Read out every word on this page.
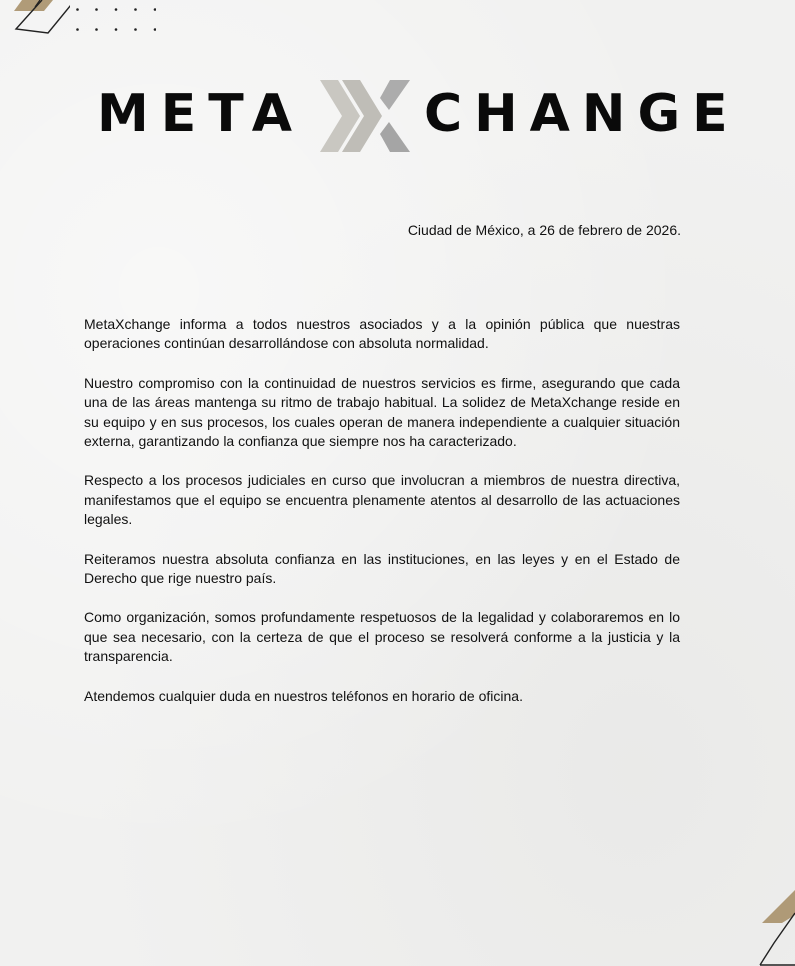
META CHANGE
Ciudad de México, a 26 de febrero de 2026.

MetaXchange informa a todos nuestros asociados y a la opinión pública que nuestras operaciones continúan desarrollándose con absoluta normalidad.

Nuestro compromiso con la continuidad de nuestros servicios es firme, asegurando que cada una de las áreas mantenga su ritmo de trabajo habitual. La solidez de MetaXchange reside en su equipo y en sus procesos, los cuales operan de manera independiente a cualquier situación externa, garantizando la confianza que siempre nos ha caracterizado.

Respecto a los procesos judiciales en curso que involucran a miembros de nuestra directiva, manifestamos que el equipo se encuentra plenamente atentos al desarrollo de las actuaciones legales.

Reiteramos nuestra absoluta confianza en las instituciones, en las leyes y en el Estado de Derecho que rige nuestro país.

Como organización, somos profundamente respetuosos de la legalidad y colaboraremos en lo que sea necesario, con la certeza de que el proceso se resolverá conforme a la justicia y la transparencia.

Atendemos cualquier duda en nuestros teléfonos en horario de oficina.
